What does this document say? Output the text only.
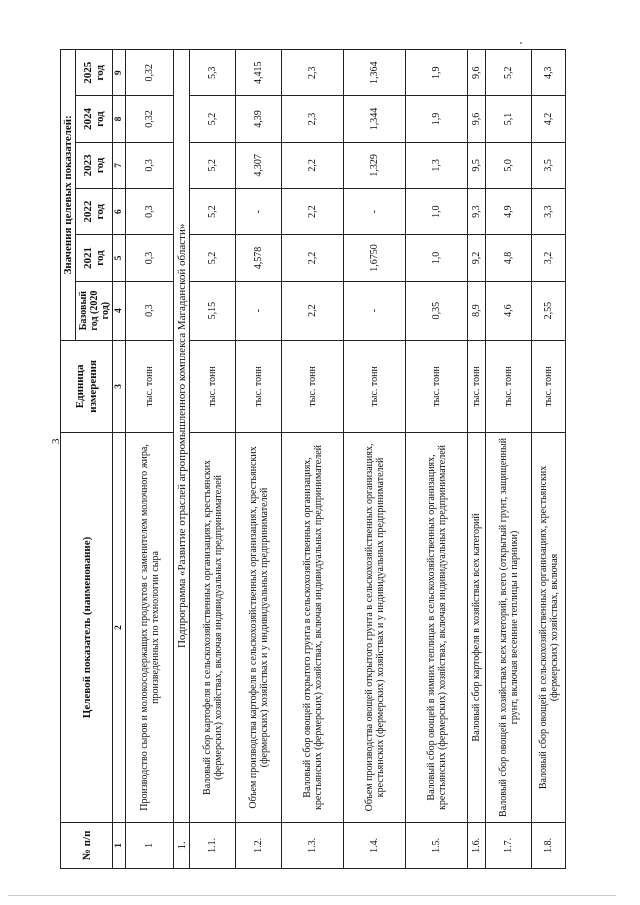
3
№ п/п	Целевой показатель (наименование)	Единица измерения	Значения целевых показателей:					
			Базовый год (2020 год)	2021 год	2022 год	2023 год	2024 год	2025 год
1	2	3	4	5	6	7	8	9
1	Производство сыров и молокосодержащих продуктов с заменителем молочного жира, произведенных по технологии сыра	тыс. тонн	0,3	0,3	0,3	0,3	0,32	0,32
1.	Подпрограмма «Развитие отраслей агропромышленного комплекса Магаданской области»							
1.1.	Валовый сбор картофеля в сельскохозяйственных организациях, крестьянских (фермерских) хозяйствах, включая индивидуальных предпринимателей	тыс. тонн	5,15	5,2	5,2	5,2	5,2	5,3
1.2.	Объем производства картофеля в сельскохозяйственных организациях, крестьянских (фермерских) хозяйствах и у индивидуальных предпринимателей	тыс. тонн	-	4,578	-	4,307	4,39	4,415
1.3.	Валовый сбор овощей открытого грунта в сельскохозяйственных организациях, крестьянских (фермерских) хозяйствах, включая индивидуальных предпринимателей	тыс. тонн	2,2	2,2	2,2	2,2	2,3	2,3
1.4.	Объем производства овощей открытого грунта в сельскохозяйственных организациях, крестьянских (фермерских) хозяйствах и у индивидуальных предпринимателей	тыс. тонн	-	1,6750	-	1,329	1,344	1,364
1.5.	Валовый сбор овощей в зимних теплицах в сельскохозяйственных организациях, крестьянских (фермерских) хозяйствах, включая индивидуальных предпринимателей	тыс. тонн	0,35	1,0	1,0	1,3	1,9	1,9
1.6.	Валовый сбор картофеля в хозяйствах всех категорий	тыс. тонн	8,9	9,2	9,3	9,5	9,6	9,6
1.7.	Валовый сбор овощей в хозяйствах всех категорий, всего (открытый грунт, защищенный грунт, включая весенние теплицы и парники)	тыс. тонн	4,6	4,8	4,9	5,0	5,1	5,2
1.8.	Валовый сбор овощей в сельскохозяйственных организациях, крестьянских (фермерских) хозяйствах, включая	тыс. тонн	2,55	3,2	3,3	3,5	4,2	4,3
